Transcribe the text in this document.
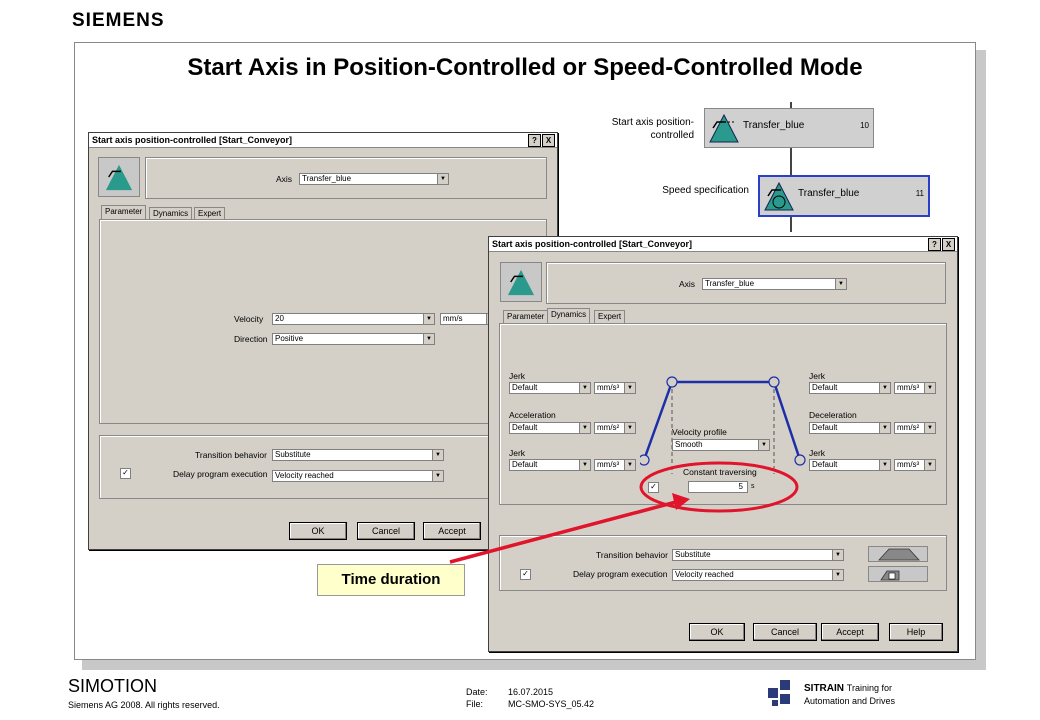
SIEMENS
Start Axis in Position-Controlled or Speed-Controlled Mode
Start axis position-controlled
Transfer_blue	10
Speed specification	Transfer_blue	11
Start axis position-controlled [Start_Conveyor]	?	X
Axis	Transfer_blue	▼
Parameter	Dynamics	Expert
Velocity	20	▼	mm/s
Direction Positive	▼
Transition behavior	Substitute	▼
✓	Delay program execution Velocity reached	▼
OK	Cancel	Accept
Start axis position-controlled [Start_Conveyor]	?	X
Axis	Transfer_blue	▼
Parameter Dynamics	Expert
Jerk
Default	▼	mm/s³	▼
Acceleration
Default	▼	mm/s²	▼
Jerk
Default	▼	mm/s³	▼
Jerk
Default	▼	mm/s³	▼
Deceleration
Default	▼	mm/s²	▼
Jerk
Default	▼	mm/s³	▼
Velocity profile
Smooth	▼
Constant traversing
✓	5	s
Transition behavior Substitute	▼
✓	Delay program execution Velocity reached	▼
OK	Cancel	Accept	Help
Time duration
SIMOTION
Siemens AG 2008. All rights reserved.
Date: 16.07.2015
File:	MC-SMO-SYS_05.42
SITRAIN Training for
Automation and Drives
